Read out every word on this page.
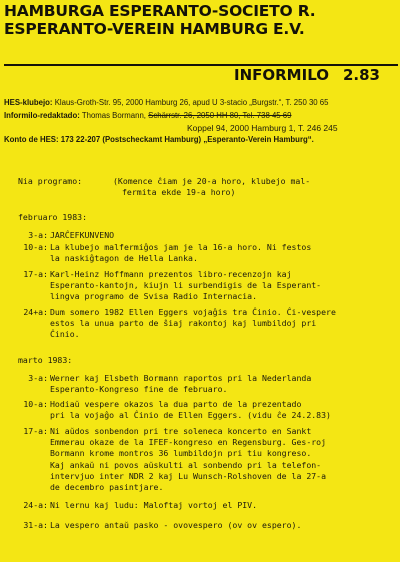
HAMBURGA ESPERANTO-SOCIETO R.
ESPERANTO-VEREIN HAMBURG E.V.
INFORMILO 2.83
HES-klubejo: Klaus-Groth-Str. 95, 2000 Hamburg 26, apud U 3-stacio „Burgstr.“, T. 250 30 65
Informilo-redaktado: Thomas Bormann, Schärrstr. 26, 2050 HH 80, Tel. 738 45 69
Koppel 94, 2000 Hamburg 1, T. 246 245
Konto de HES: 173 22-207 (Postscheckamt Hamburg) „Esperanto-Verein Hamburg“.
Nia programo:	(Komence ĉiam je 20-a horo, klubejo mal-
fermita ekde 19-a horo)
februaro 1983:
3-a: JARĈEFKUNVENO
10-a: La klubejo malfermiĝos jam je la 16-a horo. Ni festos
la naskiĝtagon de Hella Lanka.
17-a: Karl-Heinz Hoffmann prezentos libro-recenzojn kaj
Esperanto-kantojn, kiujn li surbendigis de la Esperant-
lingva programo de Svisa Radio Internacia.
24+a: Dum somero 1982 Ellen Eggers vojaĝis tra Ĉinio. Ĉi-vespere
estos la unua parto de ŝiaj rakontoj kaj lumbildoj pri
Ĉinio.
marto 1983:
3-a: Werner kaj Elsbeth Bormann raportos pri la Nederlanda
Esperanto-Kongreso fine de februaro.
10-a: Hodiaŭ vespere okazos la dua parto de la prezentado
pri la vojaĝo al Ĉinio de Ellen Eggers. (vidu ĉe 24.2.83)
17-a: Ni aŭdos sonbendon pri tre soleneca koncerto en Sankt
Emmerau okaze de la IFEF-kongreso en Regensburg. Ges-roj
Bormann krome montros 36 lumbildojn pri tiu kongreso.
Kaj ankaŭ ni povos aŭskulti al sonbendo pri la telefon-
intervjuo inter NDR 2 kaj Lu Wunsch-Rolshoven de la 27-a
de decembro pasintjare.
24-a: Ni lernu kaj ludu: Maloftaj vortoj el PIV.
31-a: La vespero antaŭ pasko - ovovespero (ov ov espero).
